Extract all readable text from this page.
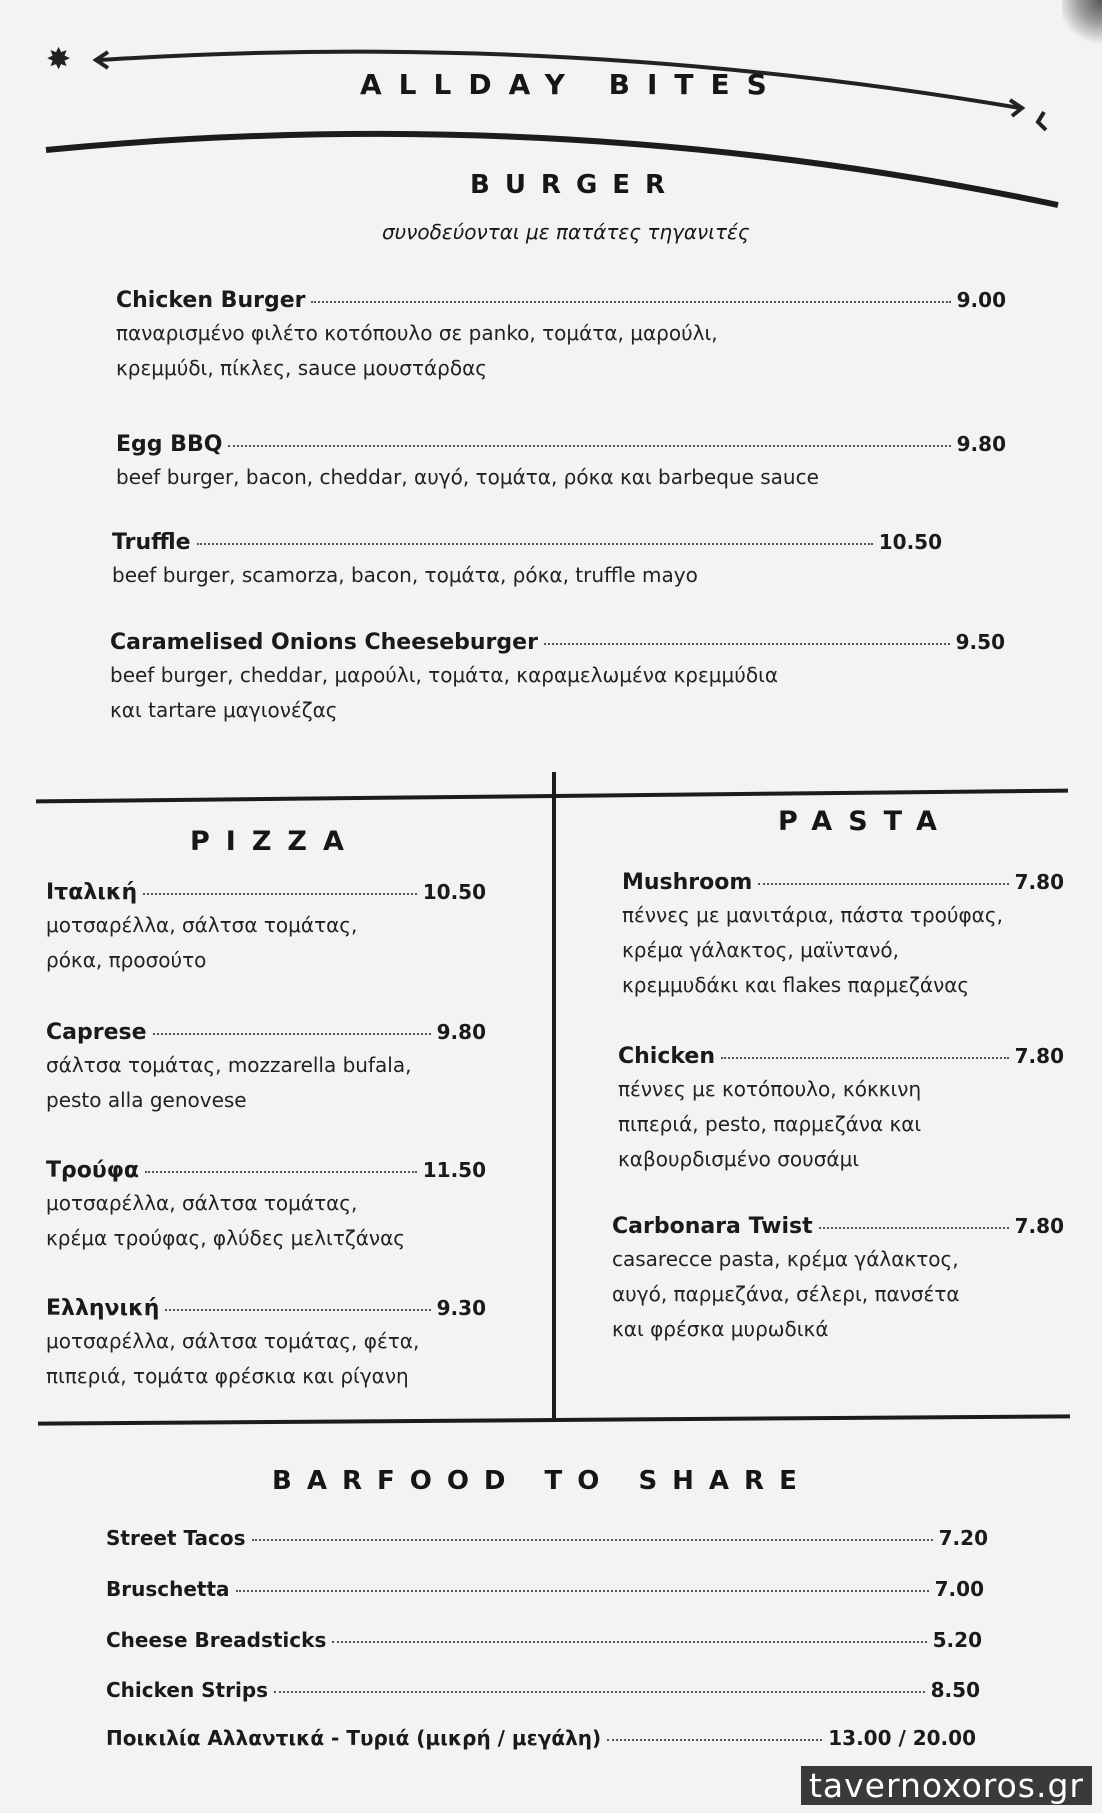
✸
ALLDAY BITES
BURGER
συνοδεύονται με πατάτες τηγανιτές
Chicken Burger	9.00
παναρισμένο φιλέτο κοτόπουλο σε panko, τομάτα, μαρούλι,
κρεμμύδι, πίκλες, sauce μουστάρδας
Egg BBQ	9.80
beef burger, bacon, cheddar, αυγό, τομάτα, ρόκα και barbeque sauce
Truffle	10.50
beef burger, scamorza, bacon, τομάτα, ρόκα, truffle mayo
Caramelised Onions Cheeseburger	9.50
beef burger, cheddar, μαρούλι, τομάτα, καραμελωμένα κρεμμύδια
και tartare μαγιονέζας
PIZZA
Ιταλική	10.50
μοτσαρέλλα, σάλτσα τομάτας,
ρόκα, προσούτο
Caprese	9.80
σάλτσα τομάτας, mozzarella bufala,
pesto alla genovese
Τρούφα	11.50
μοτσαρέλλα, σάλτσα τομάτας,
κρέμα τρούφας, φλύδες μελιτζάνας
Ελληνική	9.30
μοτσαρέλλα, σάλτσα τομάτας, φέτα,
πιπεριά, τομάτα φρέσκια και ρίγανη
PASTA
Mushroom	7.80
πέννες με μανιτάρια, πάστα τρούφας,
κρέμα γάλακτος, μαϊντανό,
κρεμμυδάκι και flakes παρμεζάνας
Chicken	7.80
πέννες με κοτόπουλο, κόκκινη
πιπεριά, pesto, παρμεζάνα και
καβουρδισμένο σουσάμι
Carbonara Twist	7.80
casarecce pasta, κρέμα γάλακτος,
αυγό, παρμεζάνα, σέλερι, πανσέτα
και φρέσκα μυρωδικά
BARFOOD TO SHARE
Street Tacos	7.20
Bruschetta	7.00
Cheese Breadsticks	5.20
Chicken Strips	8.50
Ποικιλία Αλλαντικά - Τυριά (μικρή / μεγάλη)	13.00 / 20.00
tavernoxoros.gr
